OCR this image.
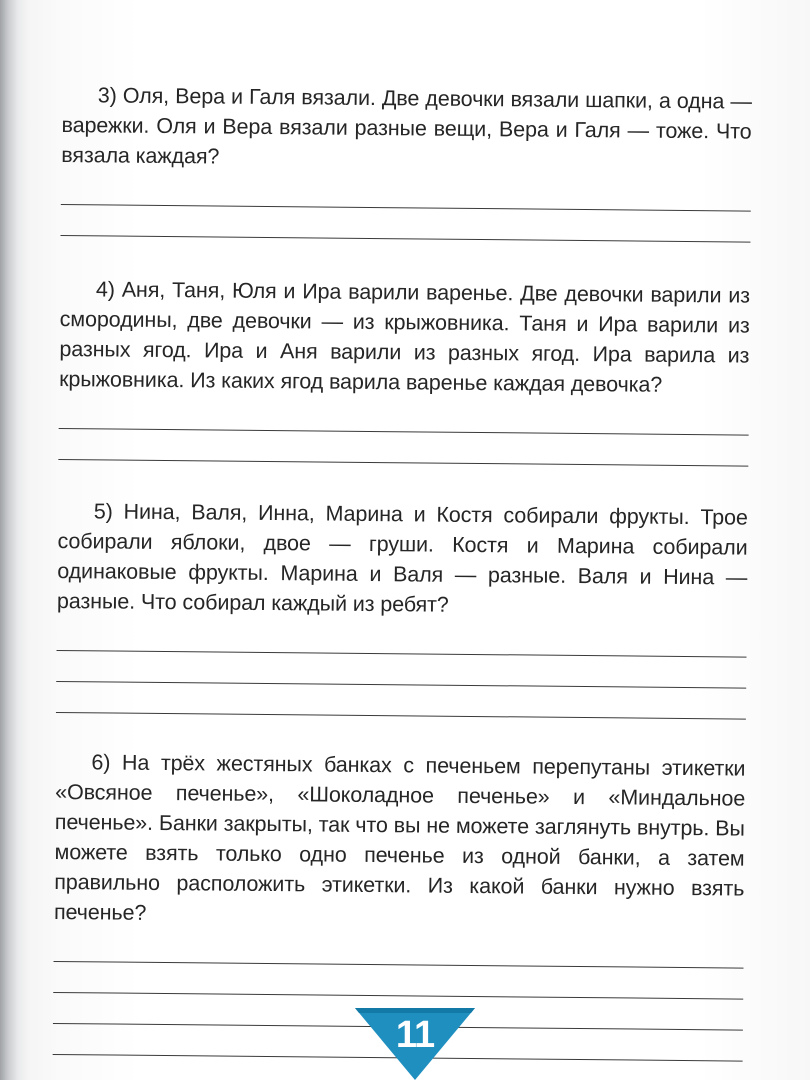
3) Оля, Вера и Галя вязали. Две девочки вязали шапки, а одна — варежки. Оля и Вера вязали разные вещи, Вера и Галя — тоже. Что вязала каждая?

4) Аня, Таня, Юля и Ира варили варенье. Две девочки варили из смородины, две девочки — из крыжовника. Таня и Ира варили из разных ягод. Ира и Аня варили из разных ягод. Ира варила из крыжовника. Из каких ягод варила варенье каждая девочка?

5) Нина, Валя, Инна, Марина и Костя собирали фрукты. Трое собирали яблоки, двое — груши. Костя и Марина собирали одинаковые фрукты. Марина и Валя — разные. Валя и Нина — разные. Что собирал каждый из ребят?

6) На трёх жестяных банках с печеньем перепутаны этикетки «Овсяное печенье», «Шоколадное печенье» и «Миндальное печенье». Банки закрыты, так что вы не можете заглянуть внутрь. Вы можете взять только одно печенье из одной банки, а затем правильно расположить этикетки. Из какой банки нужно взять печенье?

11
